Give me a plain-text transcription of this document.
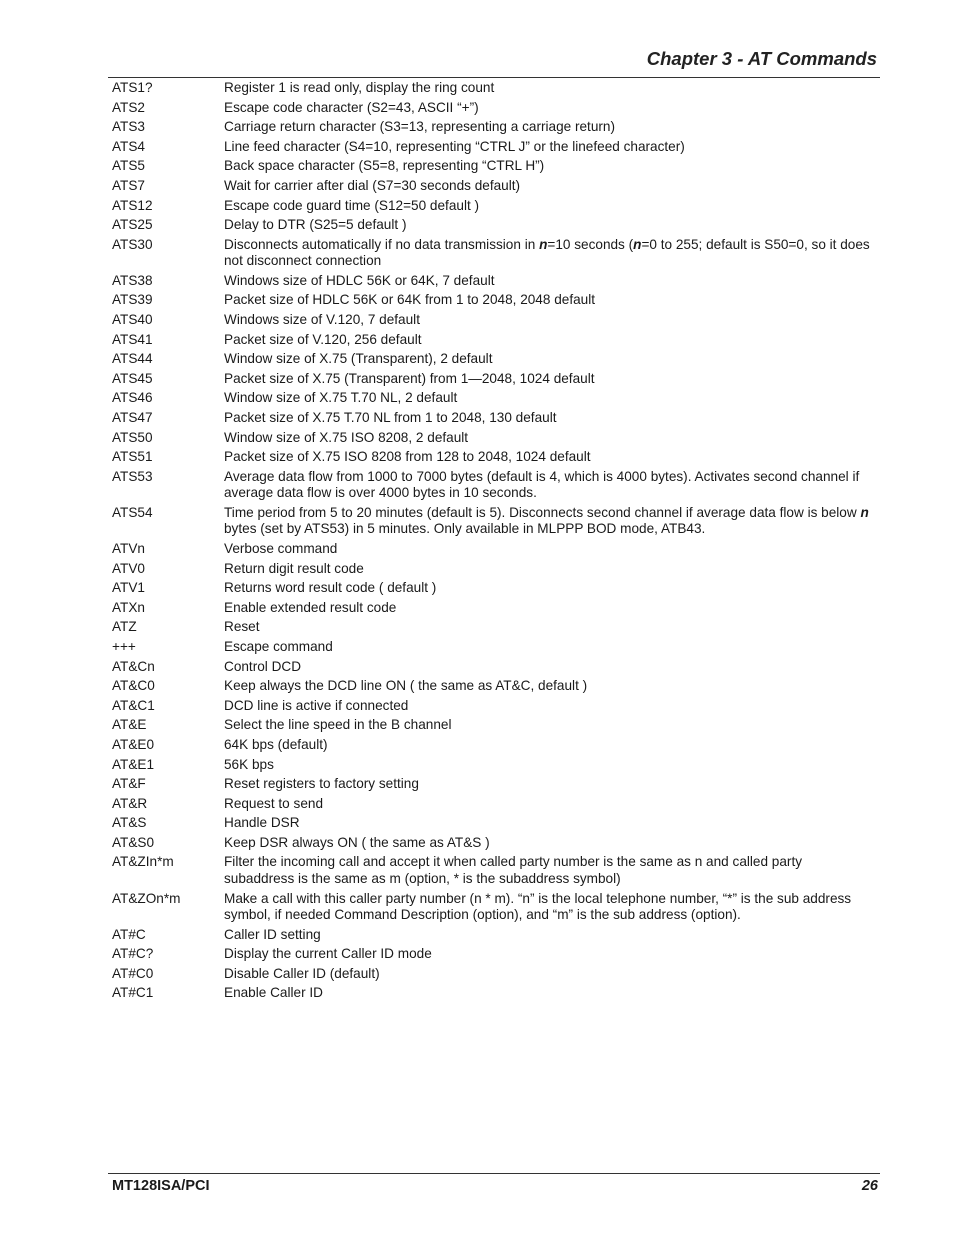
Chapter 3 - AT Commands
ATS1?	Register 1 is read only, display the ring count
ATS2	Escape code character (S2=43, ASCII “+”)
ATS3	Carriage return character (S3=13, representing a carriage return)
ATS4	Line feed character (S4=10, representing “CTRL J” or the linefeed character)
ATS5	Back space character (S5=8, representing “CTRL H”)
ATS7	Wait for carrier after dial (S7=30 seconds default)
ATS12	Escape code guard time (S12=50 default )
ATS25	Delay to DTR (S25=5 default )
ATS30	Disconnects automatically if no data transmission in n=10 seconds (n=0 to 255; default is S50=0, so it does not disconnect connection
ATS38	Windows size of HDLC 56K or 64K, 7 default
ATS39	Packet size of HDLC 56K or 64K from 1 to 2048, 2048 default
ATS40	Windows size of V.120, 7 default
ATS41	Packet size of V.120, 256 default
ATS44	Window size of X.75 (Transparent), 2 default
ATS45	Packet size of X.75 (Transparent) from 1—2048, 1024 default
ATS46	Window size of X.75 T.70 NL, 2 default
ATS47	Packet size of X.75 T.70 NL from 1 to 2048, 130 default
ATS50	Window size of X.75 ISO 8208, 2 default
ATS51	Packet size of X.75 ISO 8208 from 128 to 2048, 1024 default
ATS53	Average data flow from 1000 to 7000 bytes (default is 4, which is 4000 bytes). Activates second channel if average data flow is over 4000 bytes in 10 seconds.
ATS54	Time period from 5 to 20 minutes (default is 5). Disconnects second channel if average data flow is below n bytes (set by ATS53) in 5 minutes. Only available in MLPPP BOD mode, ATB43.
ATVn	Verbose command
ATV0	Return digit result code
ATV1	Returns word result code ( default )
ATXn	Enable extended result code
ATZ	Reset
+++	Escape command
AT&Cn	Control DCD
AT&C0	Keep always the DCD line ON ( the same as AT&C, default )
AT&C1	DCD line is active if connected
AT&E	Select the line speed in the B channel
AT&E0	64K bps (default)
AT&E1	56K bps
AT&F	Reset registers to factory setting
AT&R	Request to send
AT&S	Handle DSR
AT&S0	Keep DSR always ON ( the same as AT&S )
AT&ZIn*m	Filter the incoming call and accept it when called party number is the same as n and called party subaddress is the same as m (option, * is the subaddress symbol)
AT&ZOn*m	Make a call with this caller party number (n * m). “n” is the local telephone number, “*” is the sub address symbol, if needed Command Description (option), and “m” is the sub address (option).
AT#C	Caller ID setting
AT#C?	Display the current Caller ID mode
AT#C0	Disable Caller ID (default)
AT#C1	Enable Caller ID
MT128ISA/PCI	26
